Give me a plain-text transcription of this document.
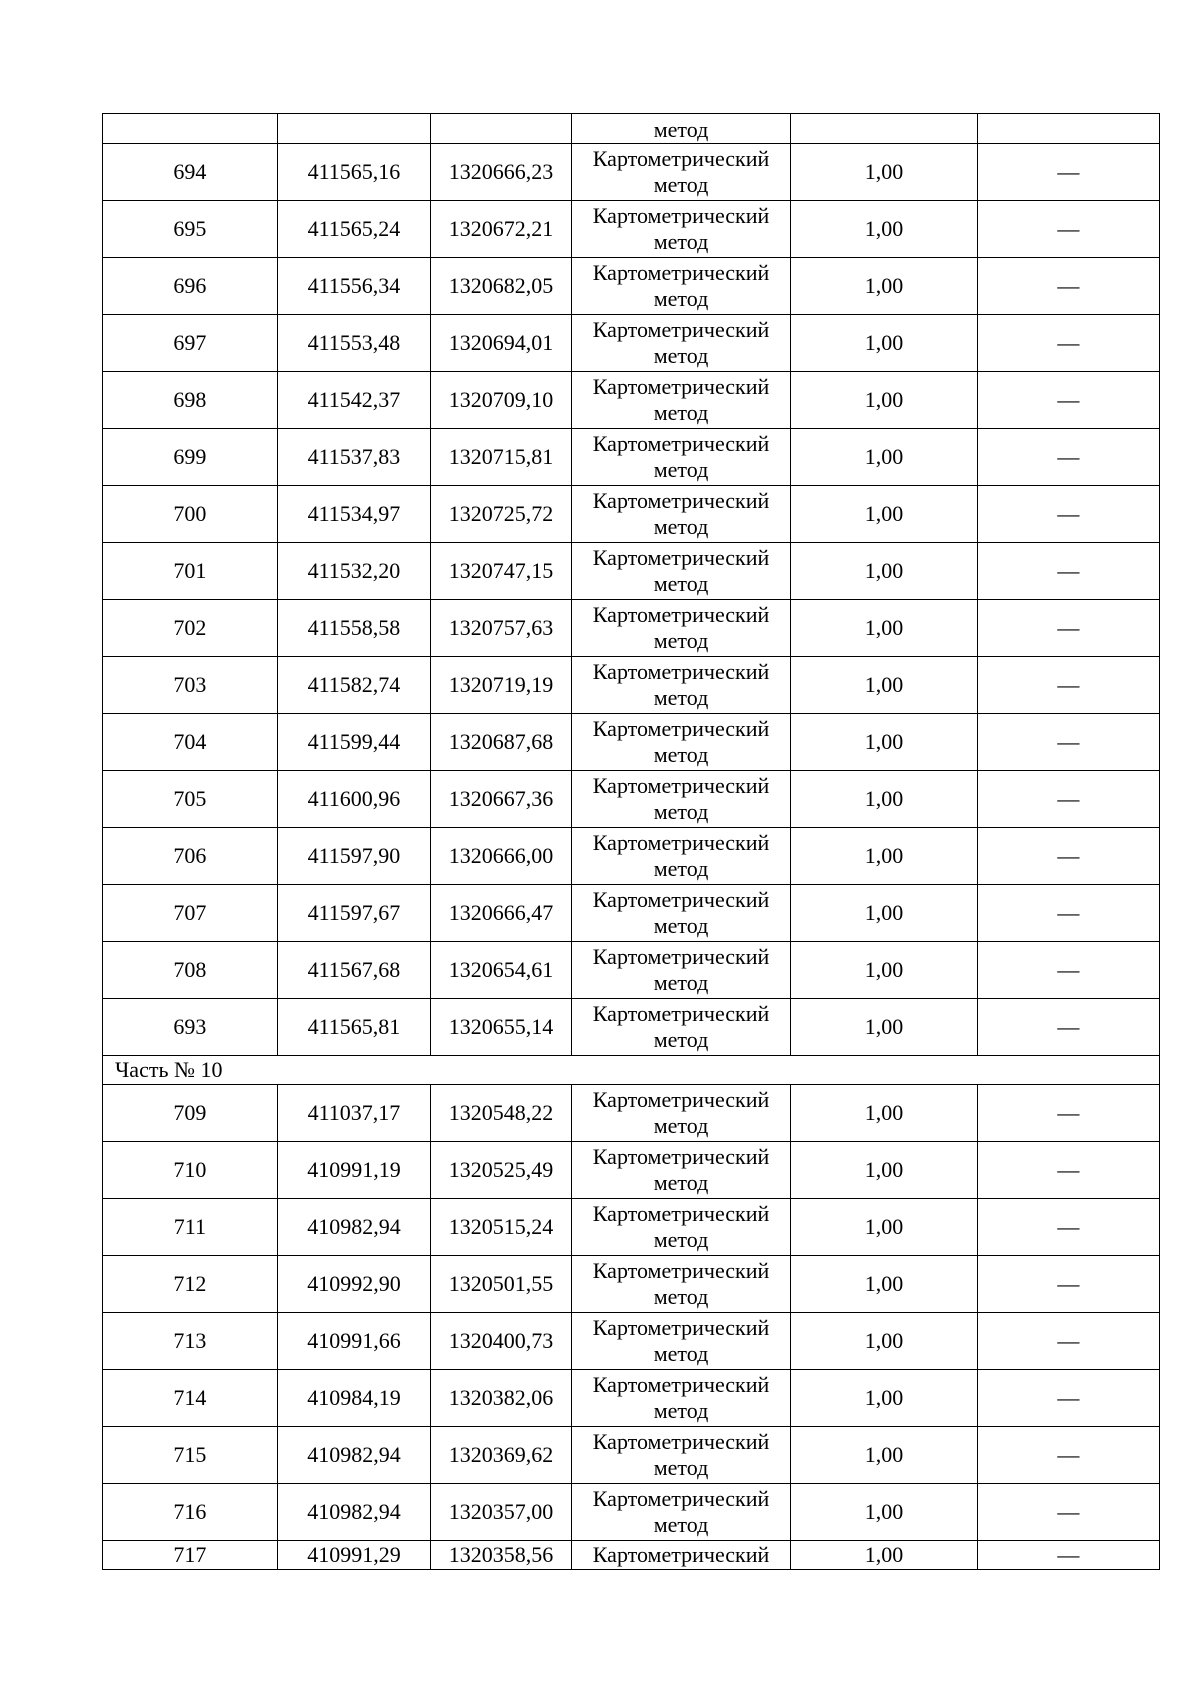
			метод		
694	411565,16	1320666,23	Картометрический
метод	1,00	—
695	411565,24	1320672,21	Картометрический
метод	1,00	—
696	411556,34	1320682,05	Картометрический
метод	1,00	—
697	411553,48	1320694,01	Картометрический
метод	1,00	—
698	411542,37	1320709,10	Картометрический
метод	1,00	—
699	411537,83	1320715,81	Картометрический
метод	1,00	—
700	411534,97	1320725,72	Картометрический
метод	1,00	—
701	411532,20	1320747,15	Картометрический
метод	1,00	—
702	411558,58	1320757,63	Картометрический
метод	1,00	—
703	411582,74	1320719,19	Картометрический
метод	1,00	—
704	411599,44	1320687,68	Картометрический
метод	1,00	—
705	411600,96	1320667,36	Картометрический
метод	1,00	—
706	411597,90	1320666,00	Картометрический
метод	1,00	—
707	411597,67	1320666,47	Картометрический
метод	1,00	—
708	411567,68	1320654,61	Картометрический
метод	1,00	—
693	411565,81	1320655,14	Картометрический
метод	1,00	—
Часть № 10					
709	411037,17	1320548,22	Картометрический
метод	1,00	—
710	410991,19	1320525,49	Картометрический
метод	1,00	—
711	410982,94	1320515,24	Картометрический
метод	1,00	—
712	410992,90	1320501,55	Картометрический
метод	1,00	—
713	410991,66	1320400,73	Картометрический
метод	1,00	—
714	410984,19	1320382,06	Картометрический
метод	1,00	—
715	410982,94	1320369,62	Картометрический
метод	1,00	—
716	410982,94	1320357,00	Картометрический
метод	1,00	—
717	410991,29	1320358,56	Картометрический	1,00	—
